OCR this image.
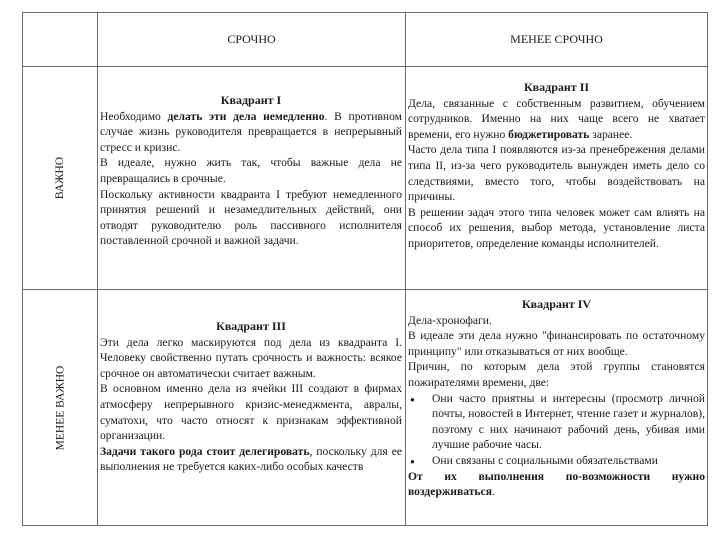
СРОЧНО	МЕНЕЕ СРОЧНО
ВАЖНО
МЕНЕЕ ВАЖНО

Квадрант I

Необходимо делать эти дела немедленно. В противном случае жизнь руководителя превращается в непрерывный стресс и кризис.

В идеале, нужно жить так, чтобы важные дела не превращались в срочные.

Поскольку активности квадранта I требуют немедленного принятия решений и незамедлительных действий, они отводят руководителю роль пассивного исполнителя поставленной срочной и важной задачи.

Квадрант II

Дела, связанные с собственным развитием, обучением сотрудников. Именно на них чаще всего не хватает времени, его нужно бюджетировать заранее.

Часто дела типа I появляются из-за пренебрежения делами типа II, из-за чего руководитель вынужден иметь дело со следствиями, вместо того, чтобы воздействовать на причины.

В решении задач этого типа человек может сам влиять на способ их решения, выбор метода, установление листа приоритетов, определение команды исполнителей.

Квадрант III

Эти дела легко маскируются под дела из квадранта I. Человеку свойственно путать срочность и важность: всякое срочное он автоматически считает важным.

В основном именно дела из ячейки III создают в фирмах атмосферу непрерывного кризис-менеджмента, авралы, суматохи, что часто относят к признакам эффективной организации.

Задачи такого рода стоит делегировать, поскольку для ее выполнения не требуется каких-либо особых качеств

Квадрант IV

Дела-хронофаги.

В идеале эти дела нужно "финансировать по остаточному принципу" или отказываться от них вообще.

Причин, по которым дела этой группы становятся пожирателями времени, две:

● Они часто приятны и интересны (просмотр личной почты, новостей в Интернет, чтение газет и журналов), поэтому с них начинают рабочий день, убивая ими лучшие рабочие часы.
● Они связаны с социальными обязательствами

От их выполнения по-возможности нужно воздерживаться.
